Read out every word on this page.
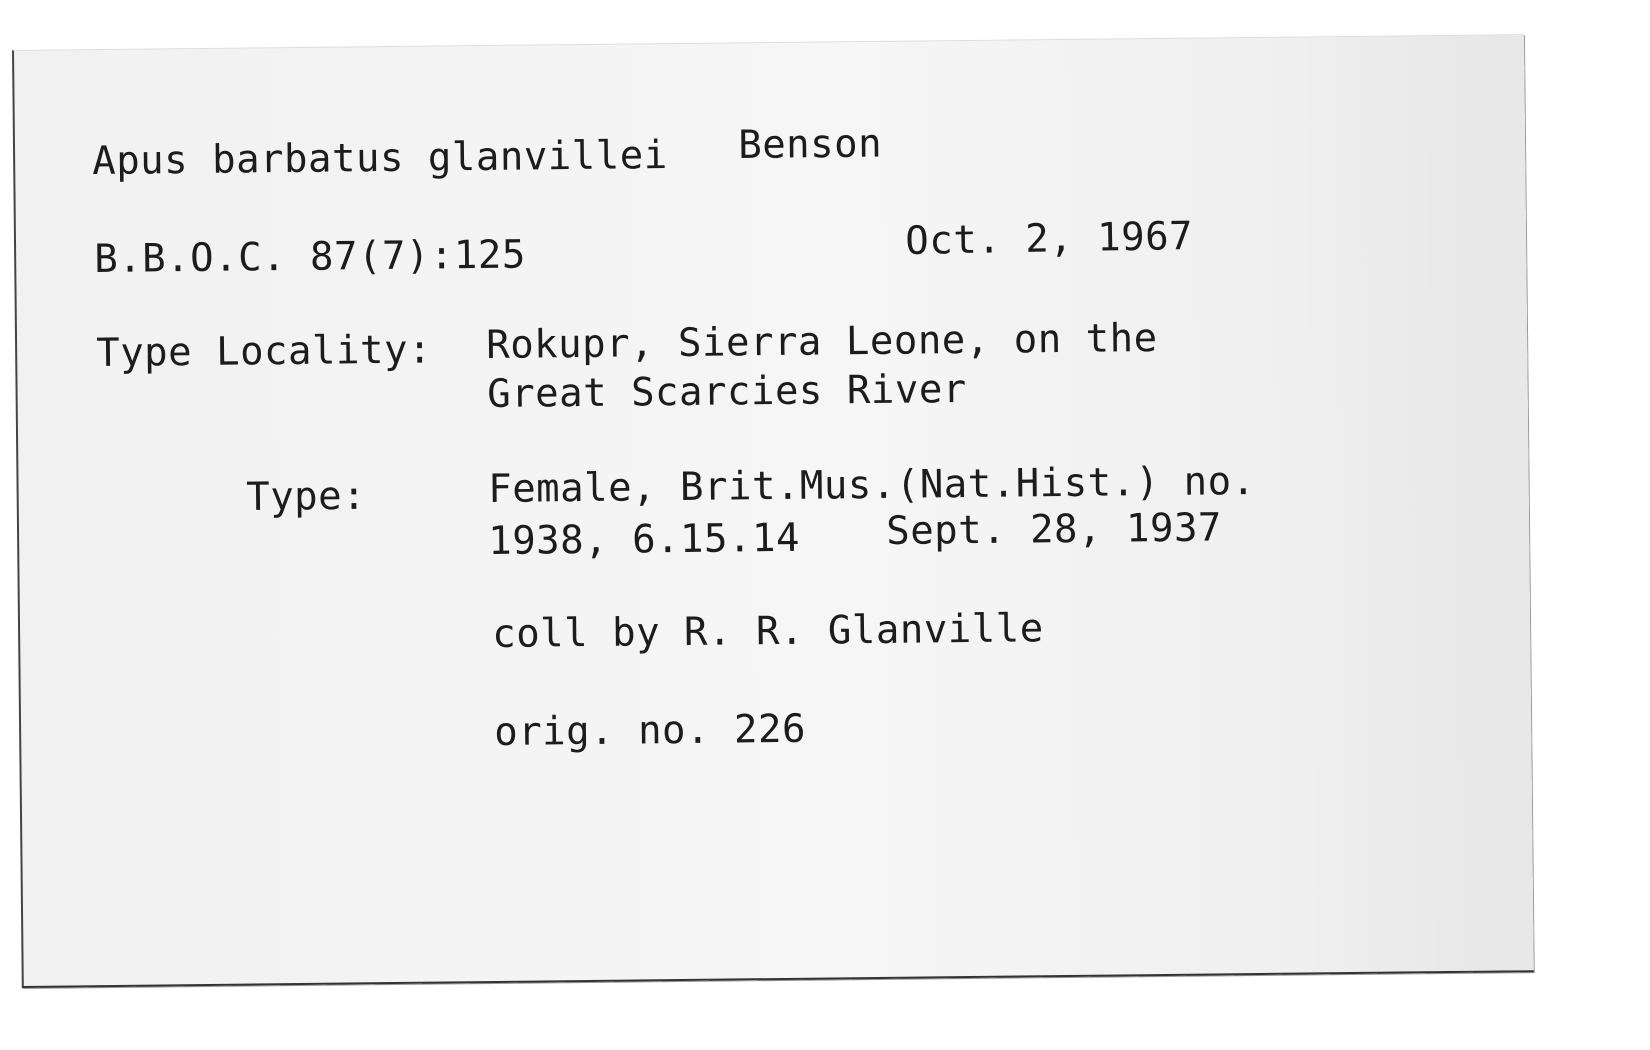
Apus barbatus glanvillei Benson
B.B.O.C. 87(7):125	Oct. 2, 1967
Type Locality: Rokupr, Sierra Leone, on the
Great Scarcies River
Type:	Female, Brit.Mus.(Nat.Hist.) no.
1938, 6.15.14 Sept. 28, 1937
coll by R. R. Glanville
orig. no. 226
